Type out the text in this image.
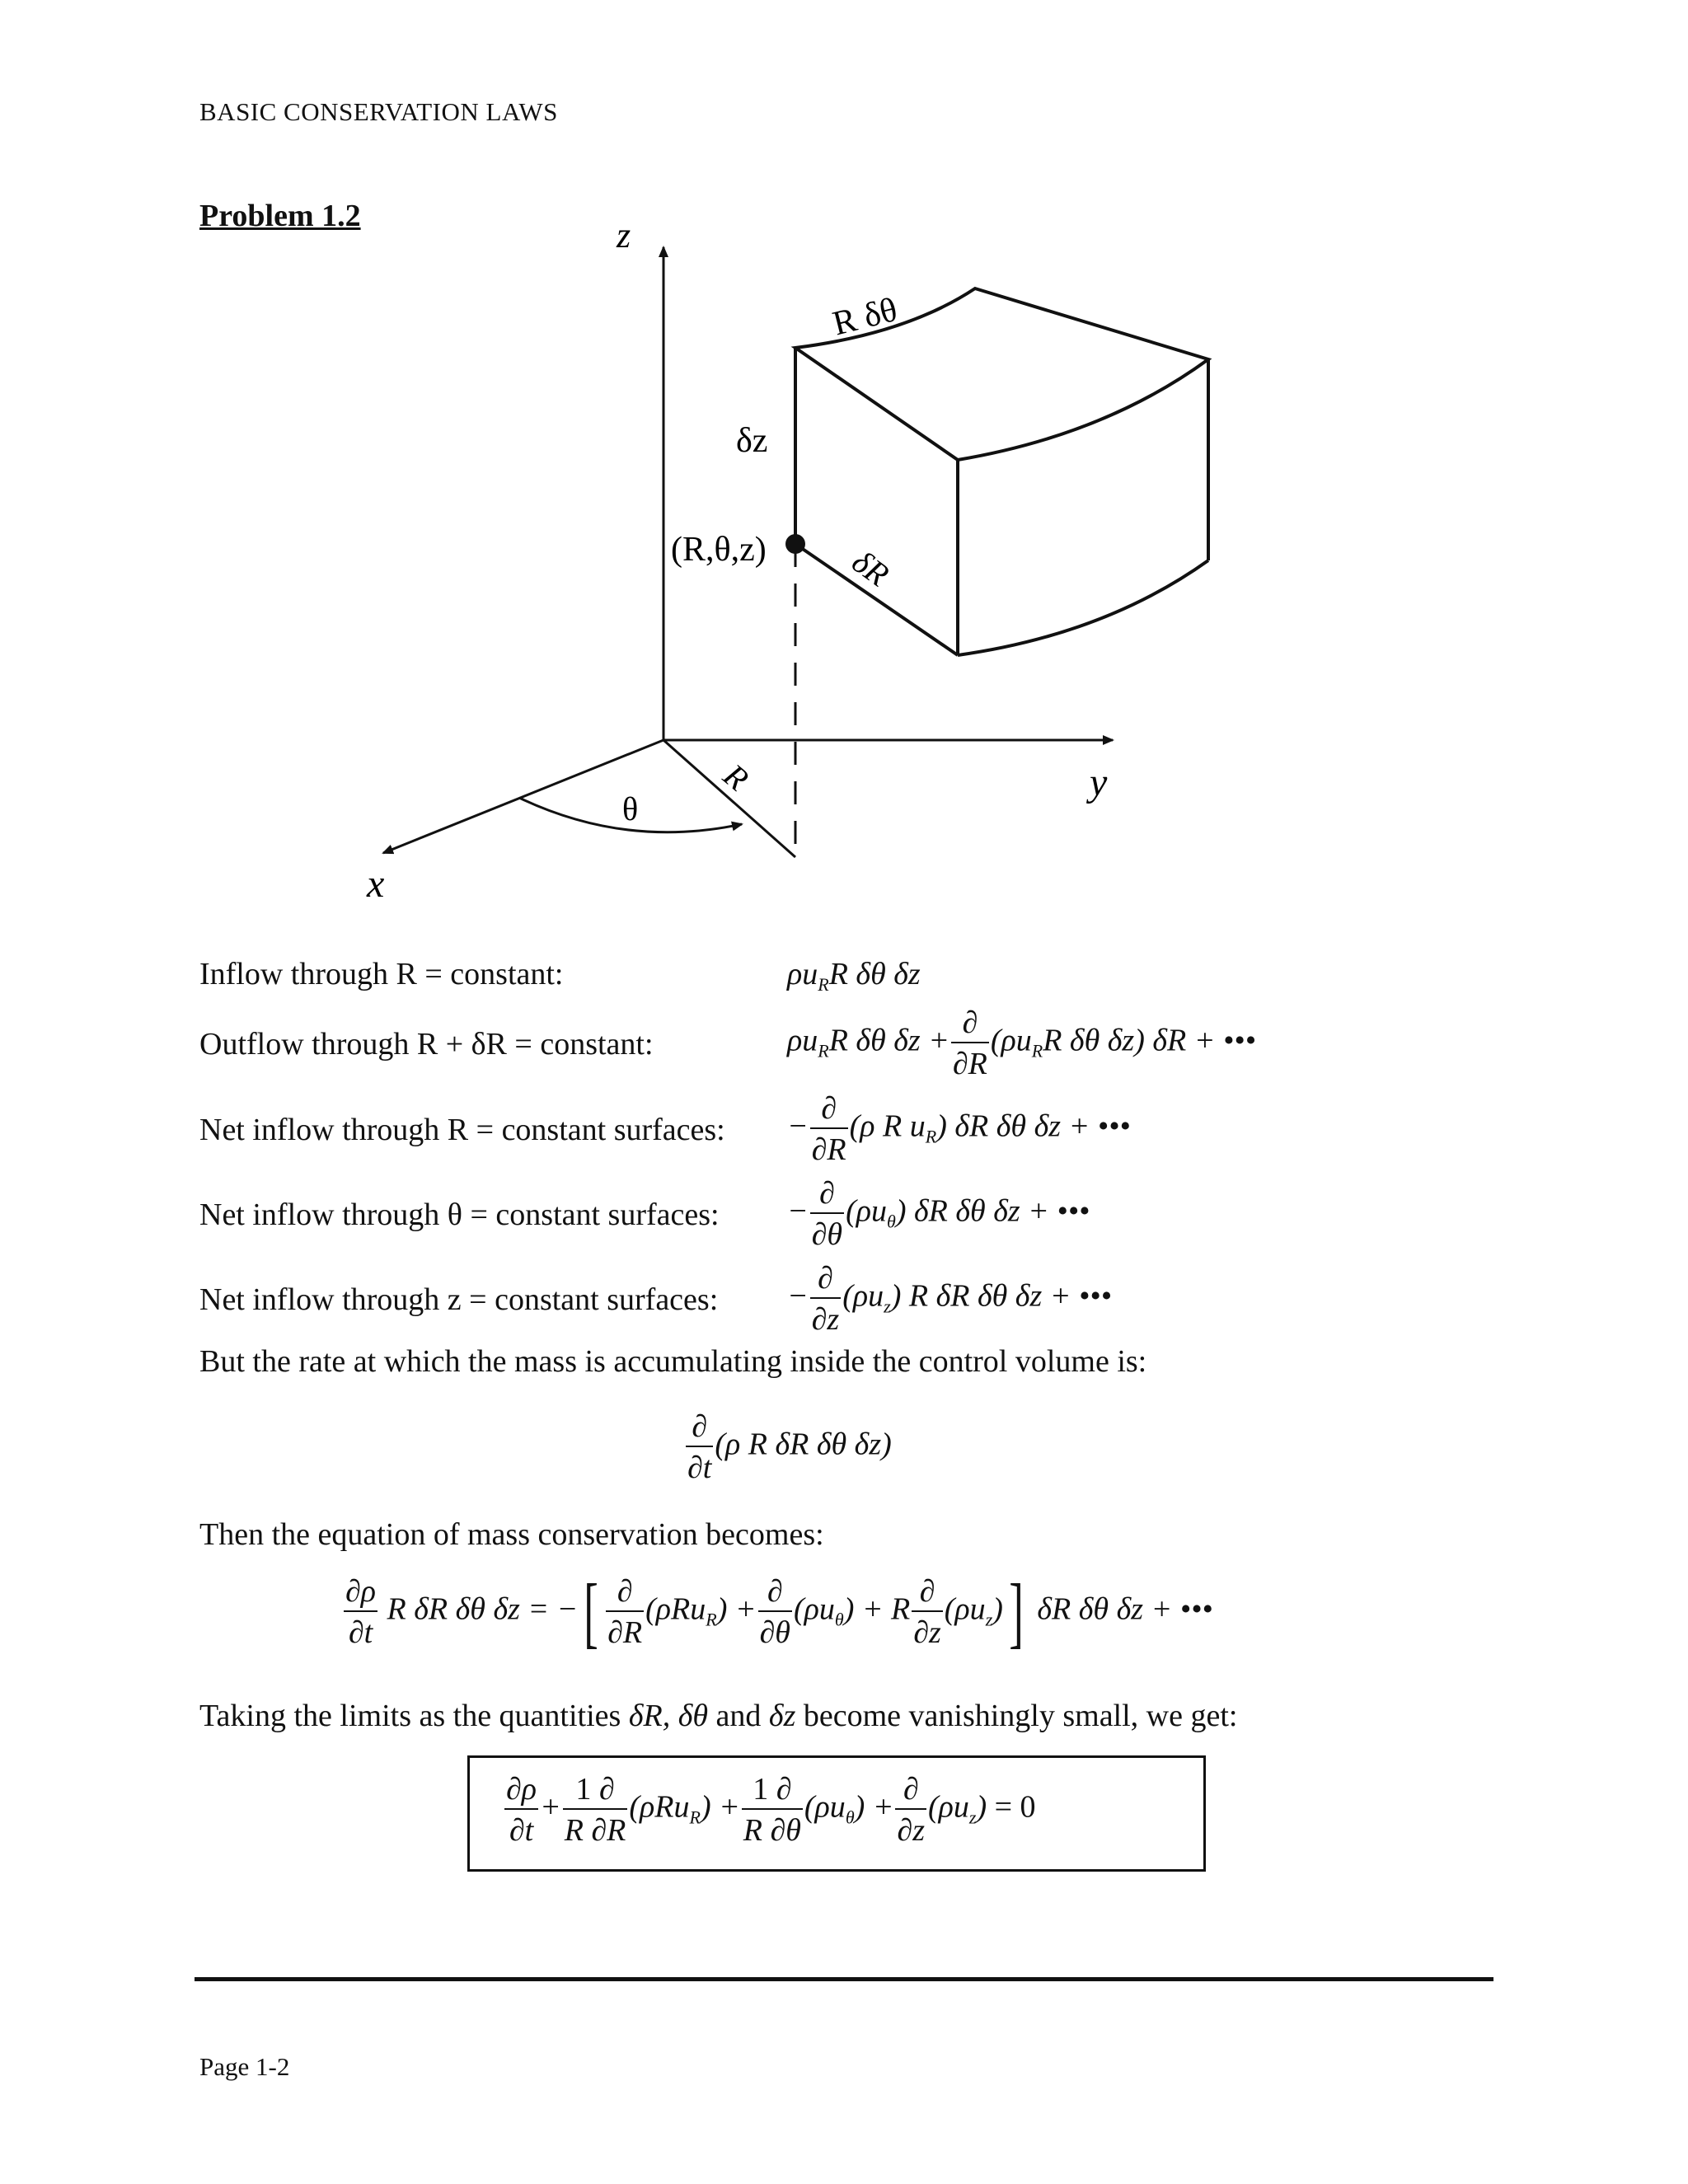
BASIC CONSERVATION LAWS
Problem 1.2	z
y
x
R
θ
R δθ
δz
(R,θ,z) δR
Inflow through R = constant:
Outflow through R + δR = constant:
Net inflow through R = constant surfaces:
Net inflow through θ = constant surfaces:
Net inflow through z = constant surfaces:
$\rho u_RR$ δθ δz
$\rho u_RR$ δθ $\delta z + \frac{\partial}{\partial R} (\rho u_RR$ δθ δz) δR + •••
− $\frac{\partial}{\partial R} (\rho$ R $u_R$) δR δθ δz + •••
− $\frac{\partial}{\partial\theta} (\rho u_\theta)$ δR δθ δz + •••
− $\frac{\partial}{\partial z} (\rho u_z)$ R δR δθ δz + •••
But the rate at which the mass is accumulating inside the control volume is:
$\frac{\partial}{\partial t} (\rho$ R δR δθ δz)
Then the equation of mass conservation becomes:
$\frac{\partial\rho}{\partial t}$ R δR δθ δz = −[ $\frac{\partial}{\partial R} (\rho Ru_R) + \frac{\partial}{\partial\theta} (\rho u_\theta) + R \frac{\partial}{\partial z} (\rho u_z)$] δR δθ δz + •••
Taking the limits as the quantities δR, δθ and δz become vanishingly small, we get:
$\frac{\partial\rho}{\partial t} + \frac{1 \partial}{R \partial R} (\rho Ru_R) + \frac{1 \partial}{R \partial\theta} (\rho u_\theta) + \frac{\partial}{\partial z} (\rho u_z) = 0$
Page 1-2
